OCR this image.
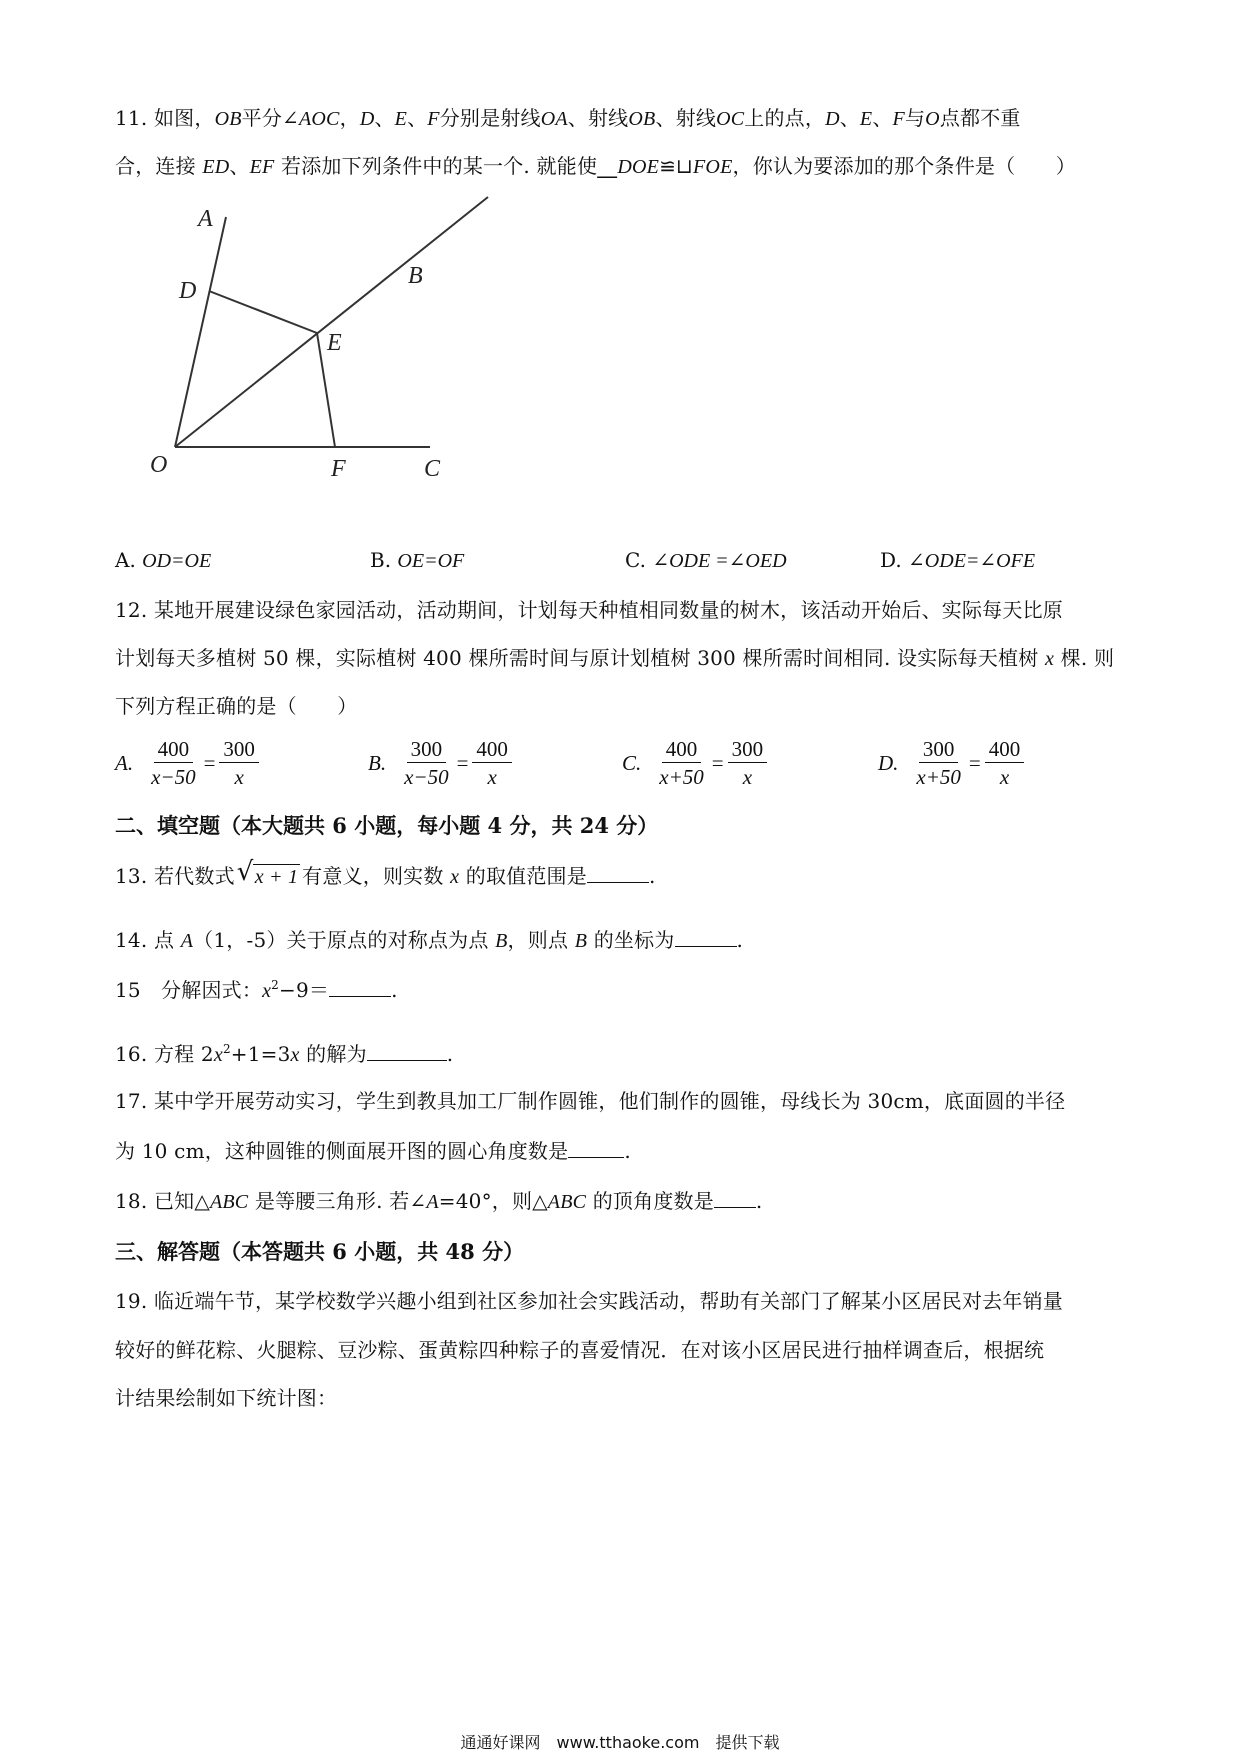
11. 如图，OB平分∠AOC，D、E、F分别是射线OA、射线OB、射线OC上的点，D、E、F与O点都不重
合，连接 ED、EF 若添加下列条件中的某一个. 就能使⎽DOE≌⊔FOE，你认为要添加的那个条件是（　　）
A
D
B
E
O	F	C
A. OD=OE	B. OE=OF	C. ∠ODE =∠OED	D. ∠ODE=∠OFE
12. 某地开展建设绿色家园活动，活动期间，计划每天种植相同数量的树木，该活动开始后、实际每天比原
计划每天多植树 50 棵，实际植树 400 棵所需时间与原计划植树 300 棵所需时间相同. 设实际每天植树 x 棵. 则
下列方程正确的是（　　）
A. $\frac{400}{x-50} = \frac{300}{x}$	B. $\frac{300}{x-50} = \frac{400}{x}$	C. $\frac{400}{x+50} = \frac{300}{x}$	D. $\frac{300}{x+50} = \frac{400}{x}$
二、填空题（本大题共 6 小题，每小题 4 分，共 24 分）
13. 若代数式 √ x + 1 有意义，则实数 x 的取值范围是	.
14. 点 A（1，-5）关于原点的对称点为点 B，则点 B 的坐标为	.
15　分解因式：$x^2-9=$	.
16. 方程 $2x^2+1=3x$ 的解为	.
17. 某中学开展劳动实习，学生到教具加工厂制作圆锥，他们制作的圆锥，母线长为 30cm，底面圆的半径
为 10 cm，这种圆锥的侧面展开图的圆心角度数是	.
18. 已知△ABC 是等腰三角形. 若∠A=40°，则△ABC 的顶角度数是 .
三、解答题（本答题共 6 小题，共 48 分）
19. 临近端午节，某学校数学兴趣小组到社区参加社会实践活动，帮助有关部门了解某小区居民对去年销量
较好的鲜花粽、火腿粽、豆沙粽、蛋黄粽四种粽子的喜爱情况．在对该小区居民进行抽样调查后，根据统
计结果绘制如下统计图：
通通好课网　www.tthaoke.com　提供下载
